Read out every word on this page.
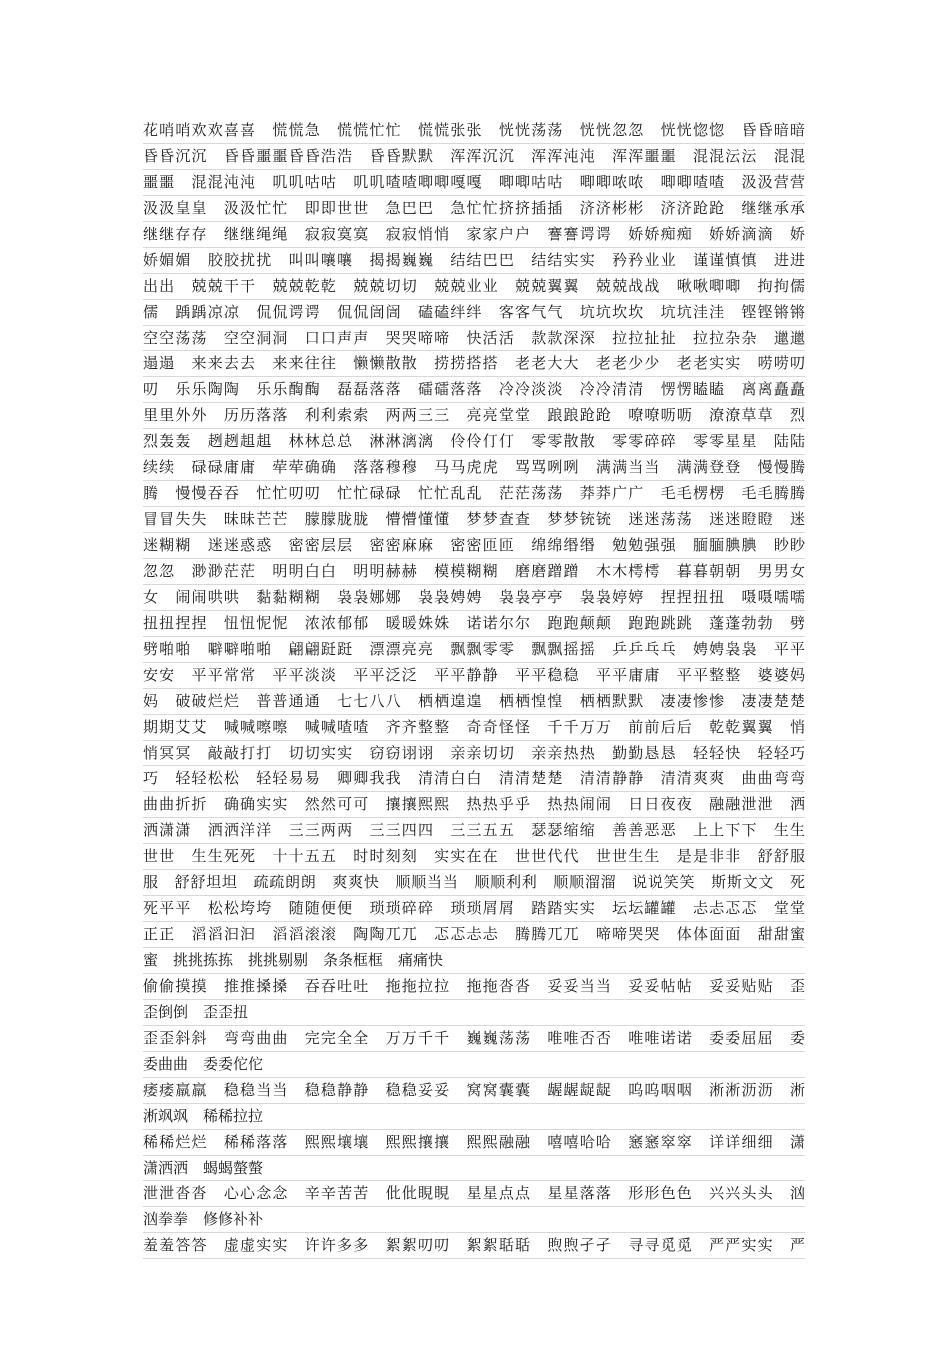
花哨哨欢欢喜喜　慌慌急　慌慌忙忙　慌慌张张　恍恍荡荡　恍恍忽忽　恍恍惚惚　昏昏暗暗
昏昏沉沉　昏昏噩噩昏昏浩浩　昏昏默默　浑浑沉沉　浑浑沌沌　浑浑噩噩　混混沄沄　混混
噩噩　混混沌沌　叽叽咕咕　叽叽喳喳唧唧嘎嘎　唧唧咕咕　唧唧哝哝　唧唧喳喳　汲汲营营
汲汲皇皇　汲汲忙忙　即即世世　急巴巴　急忙忙挤挤插插　济济彬彬　济济跄跄　继继承承
继继存存　继继绳绳　寂寂寞寞　寂寂悄悄　家家户户　謇謇谔谔　娇娇痴痴　娇娇滴滴　娇
娇媚媚　胶胶扰扰　叫叫嚷嚷　揭揭巍巍　结结巴巴　结结实实　矜矜业业　谨谨慎慎　进进
出出　兢兢干干　兢兢乾乾　兢兢切切　兢兢业业　兢兢翼翼　兢兢战战　啾啾唧唧　拘拘儒
儒　踽踽凉凉　侃侃谔谔　侃侃訚訚　磕磕绊绊　客客气气　坑坑坎坎　坑坑洼洼　铿铿锵锵
空空荡荡　空空洞洞　口口声声　哭哭啼啼　快活活　款款深深　拉拉扯扯　拉拉杂杂　邋邋
遢遢　来来去去　来来往往　懒懒散散　捞捞搭搭　老老大大　老老少少　老老实实　唠唠叨
叨　乐乐陶陶　乐乐醄醄　磊磊落落　礌礌落落　冷冷淡淡　冷冷清清　愣愣瞌瞌　离离矗矗
里里外外　历历落落　利利索索　两两三三　亮亮堂堂　踉踉跄跄　嘹嘹呖呖　潦潦草草　烈
烈轰轰　趔趔趄趄　林林总总　淋淋漓漓　伶伶仃仃　零零散散　零零碎碎　零零星星　陆陆
续续　碌碌庸庸　荦荦确确　落落穆穆　马马虎虎　骂骂咧咧　满满当当　满满登登　慢慢腾
腾　慢慢吞吞　忙忙叨叨　忙忙碌碌　忙忙乱乱　茫茫荡荡　莽莽广广　毛毛楞楞　毛毛腾腾
冒冒失失　昧昧芒芒　朦朦胧胧　懵懵懂懂　梦梦查查　梦梦铳铳　迷迷荡荡　迷迷瞪瞪　迷
迷糊糊　迷迷惑惑　密密层层　密密麻麻　密密匝匝　绵绵缗缗　勉勉强强　腼腼腆腆　眇眇
忽忽　渺渺茫茫　明明白白　明明赫赫　模模糊糊　磨磨蹭蹭　木木樗樗　暮暮朝朝　男男女
女　闹闹哄哄　黏黏糊糊　袅袅娜娜　袅袅娉娉　袅袅亭亭　袅袅婷婷　捏捏扭扭　嗫嗫嚅嚅
扭扭捏捏　忸忸怩怩　浓浓郁郁　暖暖姝姝　诺诺尔尔　跑跑颠颠　跑跑跳跳　蓬蓬勃勃　劈
劈啪啪　噼噼啪啪　翩翩跹跹　漂漂亮亮　飘飘零零　飘飘摇摇　乒乒乓乓　娉娉袅袅　平平
安安　平平常常　平平淡淡　平平泛泛　平平静静　平平稳稳　平平庸庸　平平整整　婆婆妈
妈　破破烂烂　普普通通　七七八八　栖栖遑遑　栖栖惶惶　栖栖默默　凄凄惨惨　凄凄楚楚
期期艾艾　喊喊嚓嚓　喊喊喳喳　齐齐整整　奇奇怪怪　千千万万　前前后后　乾乾翼翼　悄
悄冥冥　敲敲打打　切切实实　窃窃诩诩　亲亲切切　亲亲热热　勤勤恳恳　轻轻快　轻轻巧
巧　轻轻松松　轻轻易易　卿卿我我　清清白白　清清楚楚　清清静静　清清爽爽　曲曲弯弯
曲曲折折　确确实实　然然可可　攘攘熙熙　热热乎乎　热热闹闹　日日夜夜　融融泄泄　洒
洒潇潇　洒洒洋洋　三三两两　三三四四　三三五五　瑟瑟缩缩　善善恶恶　上上下下　生生
世世　生生死死　十十五五　时时刻刻　实实在在　世世代代　世世生生　是是非非　舒舒服
服　舒舒坦坦　疏疏朗朗　爽爽快　顺顺当当　顺顺利利　顺顺溜溜　说说笑笑　斯斯文文　死
死平平　松松垮垮　随随便便　琐琐碎碎　琐琐屑屑　踏踏实实　坛坛罐罐　忐忐忑忑　堂堂
正正　滔滔汩汩　滔滔滚滚　陶陶兀兀　忑忑忐忐　腾腾兀兀　啼啼哭哭　体体面面　甜甜蜜
蜜　挑挑拣拣　挑挑剔剔　条条框框　痛痛快
偷偷摸摸　推推搡搡　吞吞吐吐　拖拖拉拉　拖拖沓沓　妥妥当当　妥妥帖帖　妥妥贴贴　歪
歪倒倒　歪歪扭
歪歪斜斜　弯弯曲曲　完完全全　万万千千　巍巍荡荡　唯唯否否　唯唯诺诺　委委屈屈　委
委曲曲　委委佗佗
痿痿羸羸　稳稳当当　稳稳静静　稳稳妥妥　窝窝囊囊　龌龌龊龊　呜呜咽咽　淅淅沥沥　淅
淅飒飒　稀稀拉拉
稀稀烂烂　稀稀落落　熙熙壤壤　熙熙攘攘　熙熙融融　嘻嘻哈哈　窸窸窣窣　详详细细　潇
潇洒洒　蝎蝎螫螫
泄泄沓沓　心心念念　辛辛苦苦　仳仳睍睍　星星点点　星星落落　形形色色　兴兴头头　汹
汹拳拳　修修补补
羞羞答答　虚虚实实　许许多多　絮絮叨叨　絮絮聒聒　煦煦孑孑　寻寻觅觅　严严实实　严
